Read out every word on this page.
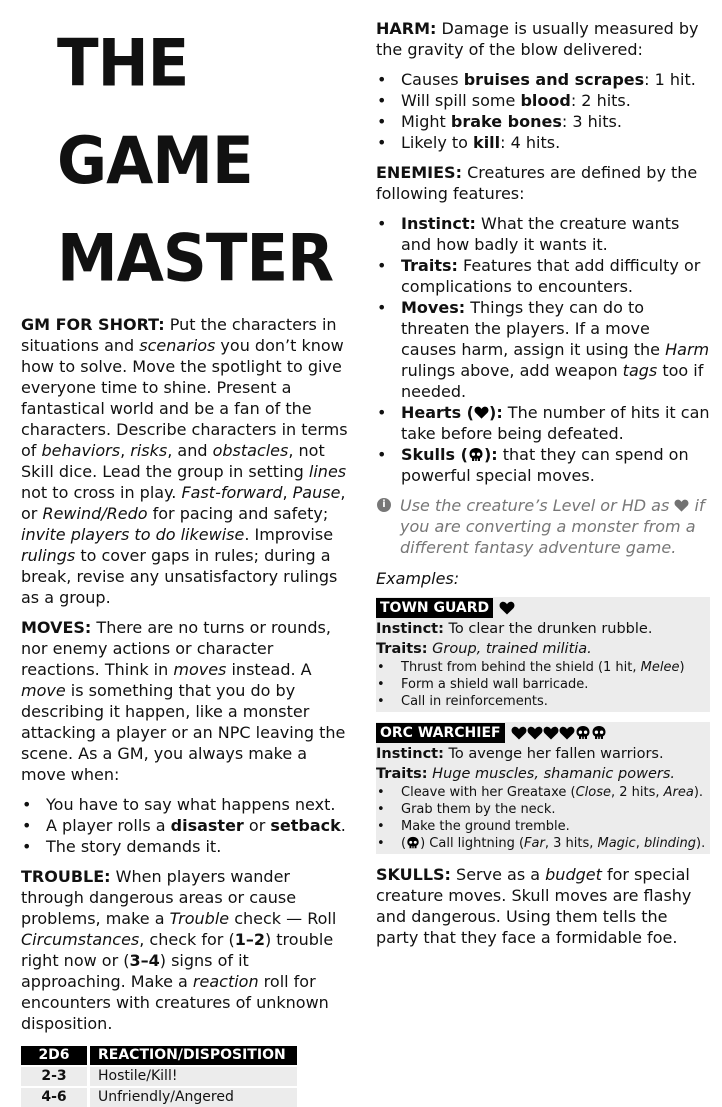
THE GAME
MASTER

GM FOR SHORT: Put the characters in situations and scenarios you don’t know how to solve. Move the spotlight to give everyone time to shine. Present a fantastical world and be a fan of the characters. Describe characters in terms of behaviors, risks, and obstacles, not Skill dice. Lead the group in setting lines not to cross in play. Fast-forward, Pause, or Rewind/Redo for pacing and safety; invite players to do likewise. Improvise rulings to cover gaps in rules; during a break, revise any unsatisfactory rulings as a group.

MOVES: There are no turns or rounds, nor enemy actions or character reactions. Think in moves instead. A move is something that you do by describing it happen, like a monster attacking a player or an NPC leaving the scene. As a GM, you always make a move when:

• You have to say what happens next.
• A player rolls a disaster or setback.
• The story demands it.

TROUBLE: When players wander through dangerous areas or cause problems, make a Trouble check — Roll Circumstances, check for (1–2) trouble right now or (3–4) signs of it approaching. Make a reaction roll for encounters with creatures of unknown disposition.

2D6	REACTION/DISPOSITION
2-3	Hostile/Kill!
4-6	Unfriendly/Angered

HARM: Damage is usually measured by the gravity of the blow delivered:

• Causes bruises and scrapes: 1 hit.
• Will spill some blood: 2 hits.
• Might brake bones: 3 hits.
• Likely to kill: 4 hits.

ENEMIES: Creatures are defined by the following features:

• Instinct: What the creature wants and how badly it wants it.
• Traits: Features that add difficulty or complications to encounters.
• Moves: Things they can do to threaten the players. If a move causes harm, assign it using the Harm rulings above, add weapon tags too if needed.
• Hearts ( ): The number of hits it can take before being defeated.
• Skulls ( ): that they can spend on powerful special moves.

i Use the creature’s Level or HD as  if you are converting a monster from a different fantasy adventure game.

Examples:

TOWN GUARD

Instinct: To clear the drunken rubble.

Traits: Group, trained militia.

• Thrust from behind the shield (1 hit, Melee)
• Form a shield wall barricade.
• Call in reinforcements.
ORC WARCHIEF

Instinct: To avenge her fallen warriors.

Traits: Huge muscles, shamanic powers.

• Cleave with her Greataxe (Close, 2 hits, Area).
• Grab them by the neck.
• Make the ground tremble.
• ( ) Call lightning (Far, 3 hits, Magic, blinding).

SKULLS: Serve as a budget for special creature moves. Skull moves are flashy and dangerous. Using them tells the party that they face a formidable foe.
